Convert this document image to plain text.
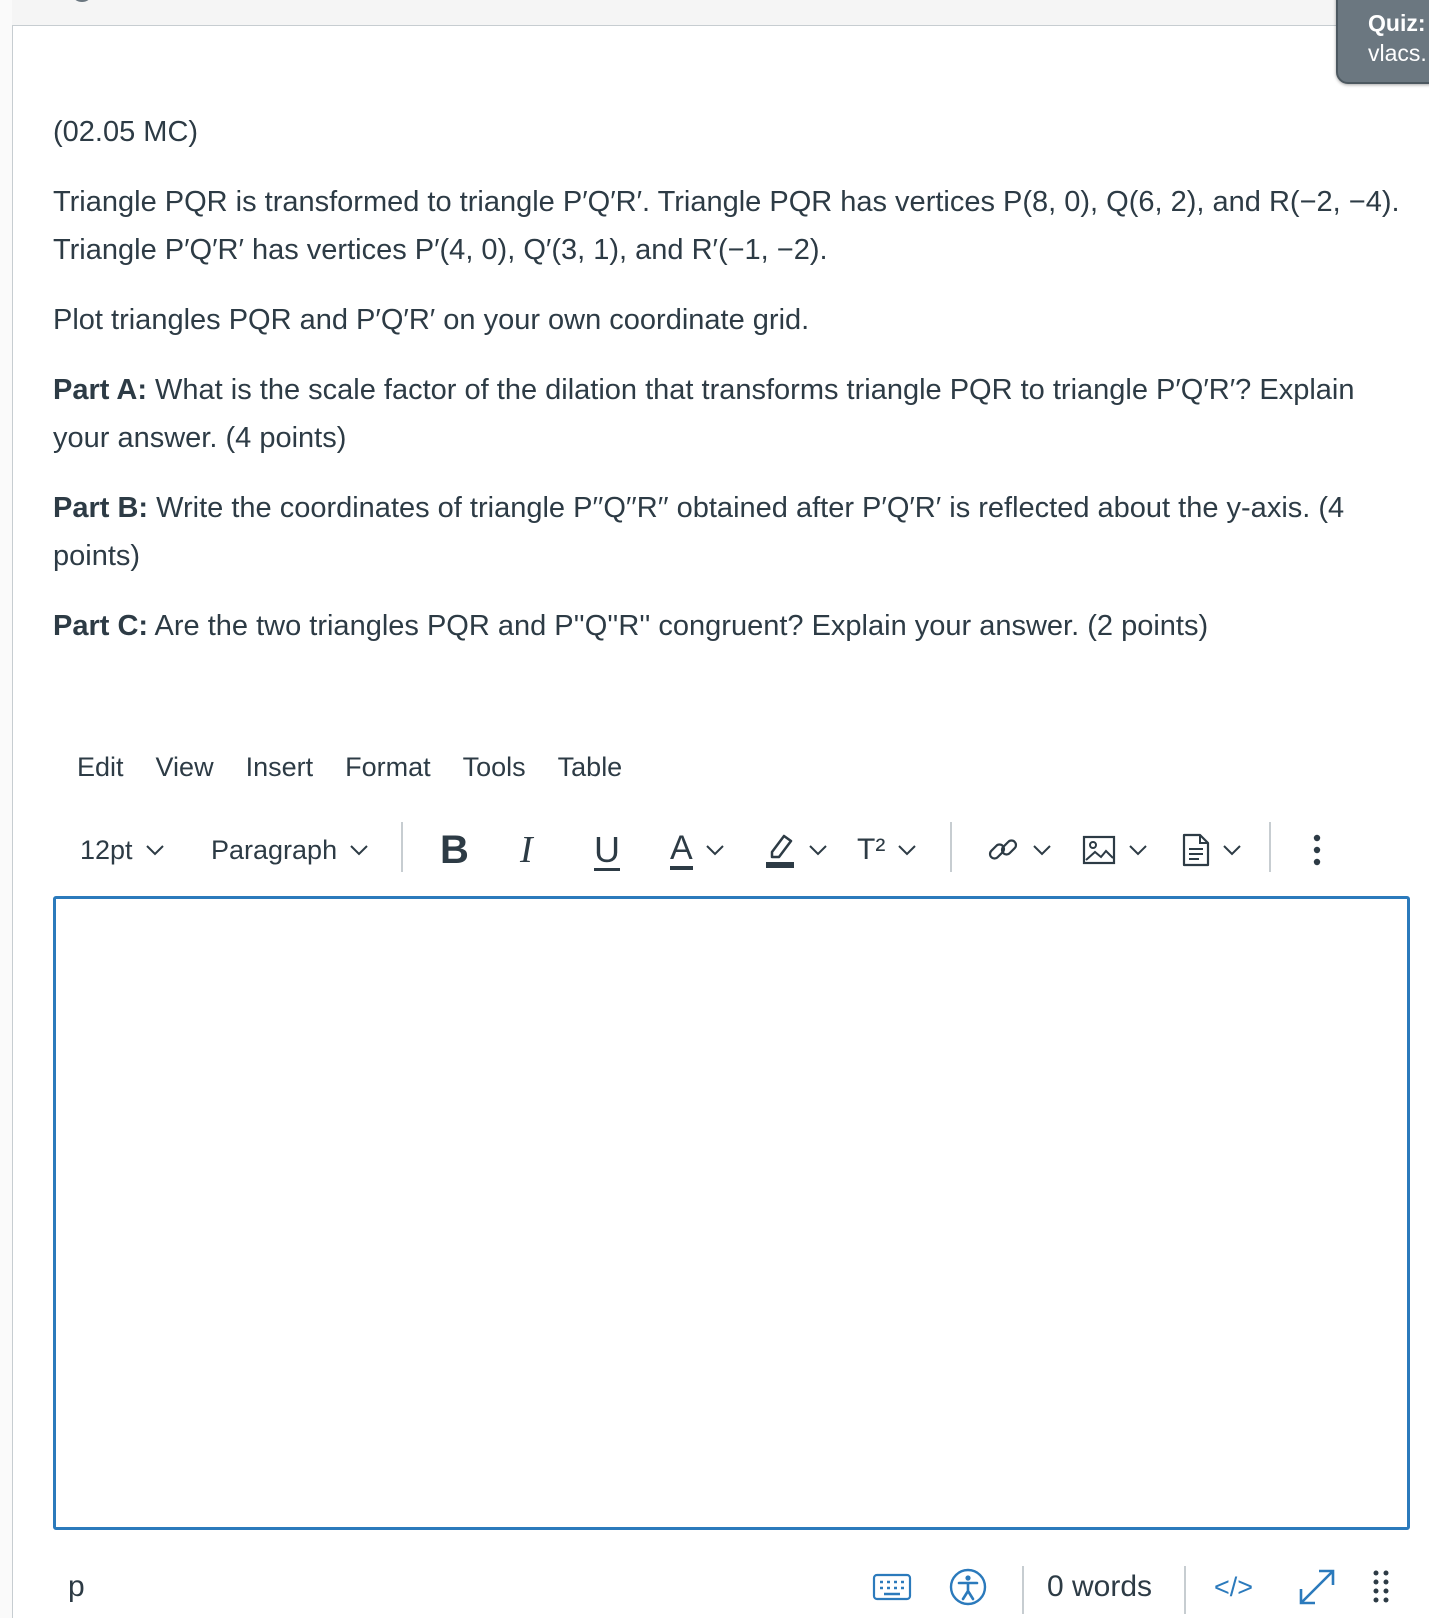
Quiz:
vlacs.

(02.05 MC)

Triangle PQR is transformed to triangle P′Q′R′. Triangle PQR has vertices P(8, 0), Q(6, 2), and R(−2, −4). Triangle P′Q′R′ has vertices P′(4, 0), Q′(3, 1), and R′(−1, −2).

Plot triangles PQR and P′Q′R′ on your own coordinate grid.

Part A: What is the scale factor of the dilation that transforms triangle PQR to triangle P′Q′R′? Explain your answer. (4 points)

Part B: Write the coordinates of triangle P′′Q′′R′′ obtained after P′Q′R′ is reflected about the y-axis. (4 points)

Part C: Are the two triangles PQR and P''Q''R'' congruent? Explain your answer. (2 points)

Edit View Insert Format Tools Table
12pt	Paragraph	B I U A	T²
p	0 words </>
